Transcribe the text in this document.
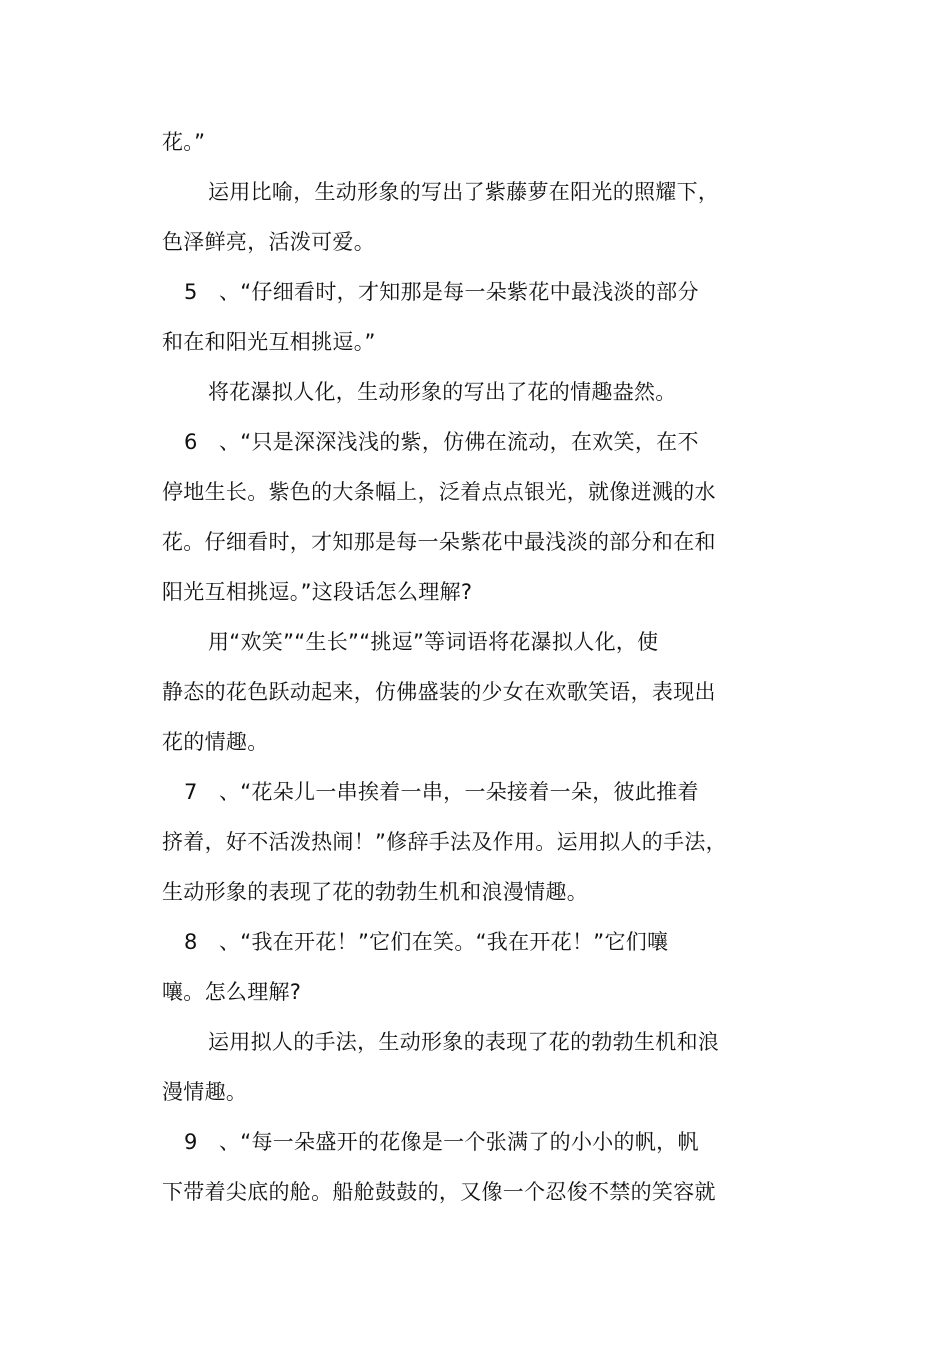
花。”
运用比喻，生动形象的写出了紫藤萝在阳光的照耀下，
色泽鲜亮，活泼可爱。
5　、“仔细看时，才知那是每一朵紫花中最浅淡的部分
和在和阳光互相挑逗。”
将花瀑拟人化，生动形象的写出了花的情趣盎然。
6　、“只是深深浅浅的紫，仿佛在流动，在欢笑，在不
停地生长。紫色的大条幅上，泛着点点银光，就像迸溅的水
花。仔细看时，才知那是每一朵紫花中最浅淡的部分和在和
阳光互相挑逗。”这段话怎么理解?
用“欢笑”“生长”“挑逗”等词语将花瀑拟人化，使
静态的花色跃动起来，仿佛盛装的少女在欢歌笑语，表现出
花的情趣。
7　、“花朵儿一串挨着一串，一朵接着一朵，彼此推着
挤着，好不活泼热闹！”修辞手法及作用。运用拟人的手法，
生动形象的表现了花的勃勃生机和浪漫情趣。
8　、“我在开花！”它们在笑。“我在开花！”它们嚷
嚷。怎么理解?
运用拟人的手法，生动形象的表现了花的勃勃生机和浪
漫情趣。
9　、“每一朵盛开的花像是一个张满了的小小的帆，帆
下带着尖底的舱。船舱鼓鼓的，又像一个忍俊不禁的笑容就
